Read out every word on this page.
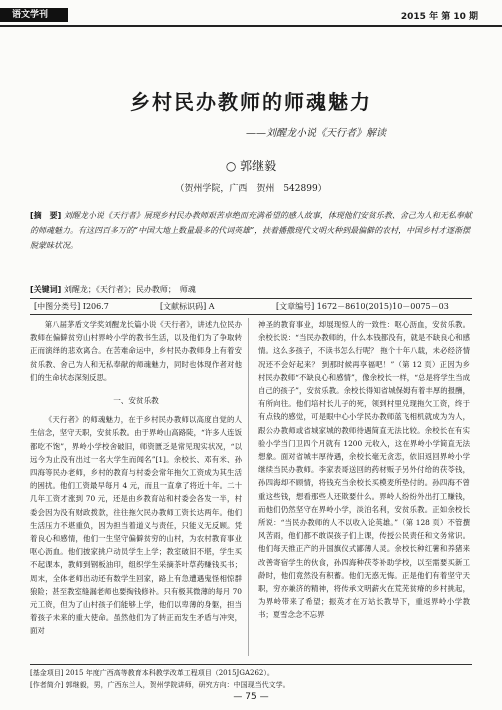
语文学刊	2015 年 第 10 期
乡村民办教师的师魂魅力
——刘醒龙小说《天行者》解读
○ 郭继毅
（贺州学院，广西　贺州　542899）
[摘　要] 刘醒龙小说《天行者》展现乡村民办教师艰苦卓绝而充满希望的感人故事，体现他们安贫乐教、舍己为人和无私奉献的师魂魅力。有这四百多万的“中国大地上数量最多的代词英雄”，扶着播撒现代文明火种到最偏僻的农村，中国乡村才逐渐摆脱蒙昧状况。
[关键词] 刘醒龙；《天行者》；民办教师；　师魂
[中图分类号] I206.7	[文献标识码] A	[文章编号] 1672－8610(2015)10－0075－03

第八届茅盾文学奖刘醒龙长篇小说《天行者》，讲述九位民办教师在偏僻贫穷山村界岭小学的教书生活，以及他们为了争取转正而演绎的悲欢离合。在苦难命运中，乡村民办教师身上有着安贫乐教、舍己为人和无私奉献的师魂魅力，同时也体现作者对他们的生命状态深刻反思。

一、安贫乐教

《天行者》的师魂魅力，在于乡村民办教师以高度自觉的人生信念，坚守天职，安贫乐教。由于界岭山高路陡，“许多人连饭都吃不饱”，界岭小学校舍破旧，师资匮乏是常见现实状况，“以远今为止没有出过一名大学生而闻名”[1]。余校长、邓有米、孙四海等民办老师，乡村的教育与村委会常年拖欠工资成为其生活的困扰。他们工资最早每月 4 元，而且一直拿了将近十年。二十几年工资才涨到 70 元，还是由乡教育站和村委会各发一半，村委会因为没有财政拨款，往往拖欠民办教师工资长达两年。他们生活压力不堪重负，因为担当着道义与责任，只能义无反顾。凭着良心和感情，他们一生坚守偏僻贫穷的山村，为农村教育事业呕心沥血。他们披家挑户动员学生上学；教室破旧不堪，学生买不起课本，教师到钢板油印，组织学生采摘茶叶草药赚钱买书；周末，全体老师出动还有数学生回家，路上有急遭遇鬼怪相惊群狼险；甚至教室缝漏老师也要掏钱修补。只有极其微薄的每月 70 元工资，但为了山村孩子们能够上学，他们以卑薄的身躯，担当着孩子未来的重大使命。虽然他们为了转正而发生矛盾与冲突，面对

神圣的教育事业，却展现惊人的一致性：呕心沥血，安贫乐教。余校长说：“当民办教师的，什么本钱都没有，就是不缺良心和感情。这么多孩子，不读书怎么行呢？ 拖个十年八载，未必经济情况还不会好起来？ 到那时候再享福吧！”（第 12 页）正因为乡村民办教师“不缺良心和感情”，像余校长一样，“总是将学生当成自己的孩子”，安贫乐教。余校长得知省城保姆有着丰厚的报酬，有所向往。他们培村长儿子的死，领到村里兑现拖欠工资，终于有点钱的感觉，可是眼中心小学民办教师蓝飞相机就成为为人，跟公办教师或省城家城的教师待遇简直无法比较。余校长在有实验小学当门卫四个月就有 1200 元收入，这在界岭小学简直无法想象。面对省城丰厚待遇，余校长毫无贪恋，依旧返回界岭小学继续当民办教师。李家表哥送回的药材贩子另外付给的茯苓钱，孙四海却不顾情，将钱充当余校长买模麦所垫付的。孙四海不曾重这些钱，想看那些人还欺要什么。界岭人纷纷外出打工赚钱，而他们仍然坚守在界岭小学，淡泊名利，安贫乐教。正如余校长所说：“当民办教师的人不以收入论英雄。”（第 128 页）不管撰风苦雨，他们都不敢误孩子们上课，传授公民责任和文务常识。他们每天推正产的升国旗仪式鄙薄人灵。余校长种红薯和养猪来改善寄宿学生的伙食，孙四海种茯苓补助学校，以至需要买新工龄时，他们竟然没有积蓄。他们无惑无悔。正是他们有着坚守天职，穷亦兼济的精神，将传承文明薪火在荒芜贫瘠的乡村挑起，为界岭带来了希望；振英才在万站长教导下，重返界岭小学教书；夏雪念念不忘界

[基金项目] 2015 年度广西高等教育本科教学改革工程项目（2015JGA262）。
[作者简介] 郭继毅，男，广西东兰人，贺州学院讲师，研究方向：中国现当代文学。
— 75 —
